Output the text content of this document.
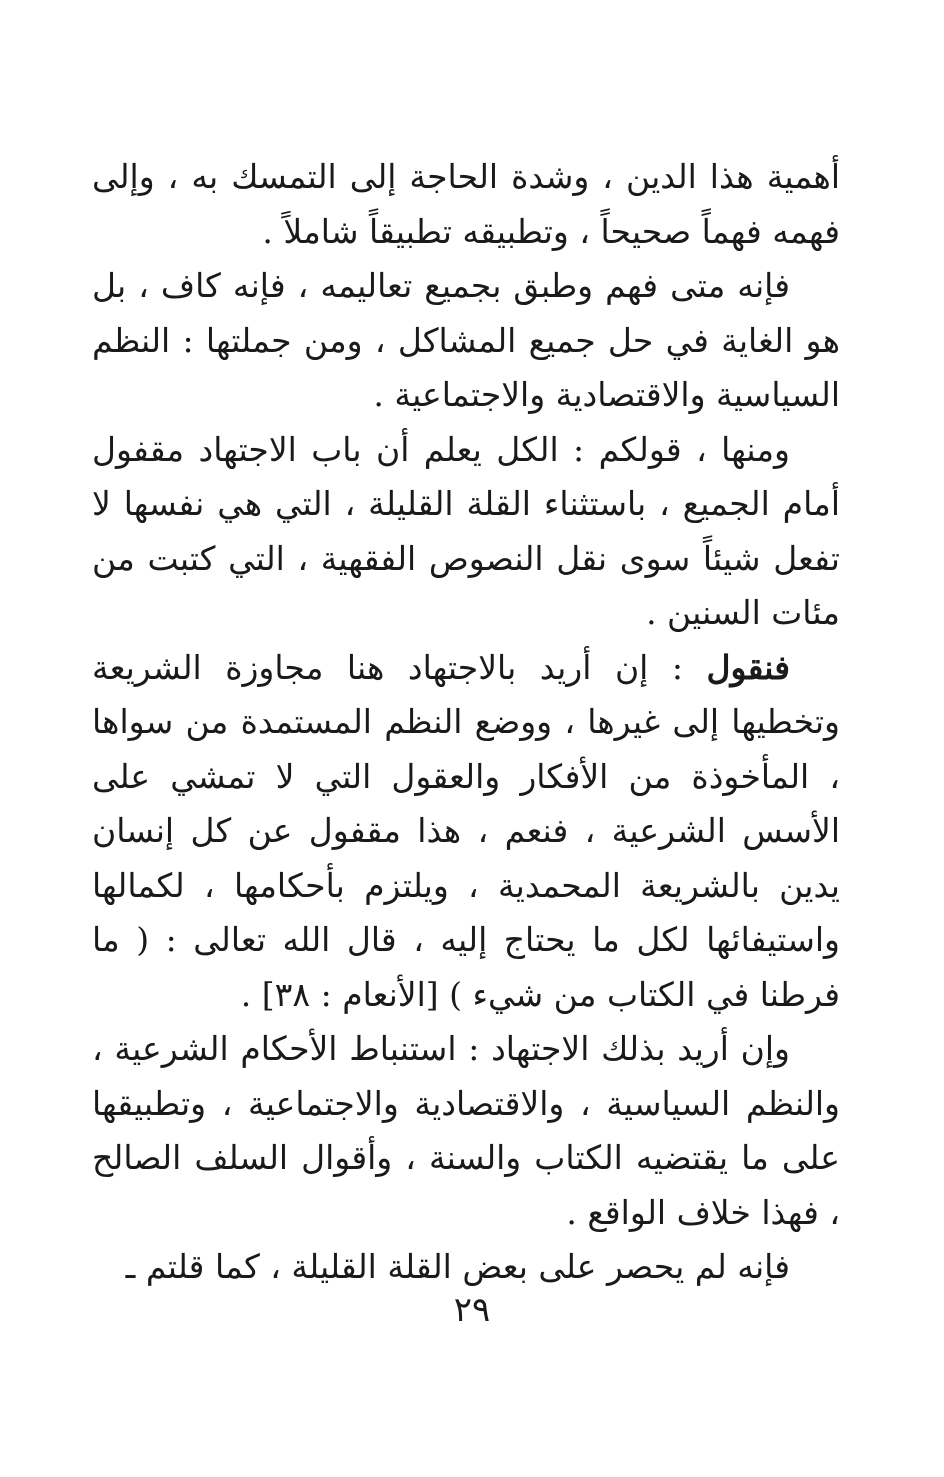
أهمية هذا الدين ، وشدة الحاجة إلى التمسك به ، وإلى فهمه فهماً صحيحاً ، وتطبيقه تطبيقاً شاملاً .

فإنه متى فهم وطبق بجميع تعاليمه ، فإنه كاف ، بل هو الغاية في حل جميع المشاكل ، ومن جملتها : النظم السياسية والاقتصادية والاجتماعية .

ومنها ، قولكم : الكل يعلم أن باب الاجتهاد مقفول أمام الجميع ، باستثناء القلة القليلة ، التي هي نفسها لا تفعل شيئاً سوى نقل النصوص الفقهية ، التي كتبت من مئات السنين .

فنقول : إن أريد بالاجتهاد هنا مجاوزة الشريعة وتخطيها إلى غيرها ، ووضع النظم المستمدة من سواها ، المأخوذة من الأفكار والعقول التي لا تمشي على الأسس الشرعية ، فنعم ، هذا مقفول عن كل إنسان يدين بالشريعة المحمدية ، ويلتزم بأحكامها ، لكمالها واستيفائها لكل ما يحتاج إليه ، قال الله تعالى : ( ما فرطنا في الكتاب من شيء ) [الأنعام : ٣٨] .

وإن أريد بذلك الاجتهاد : استنباط الأحكام الشرعية ، والنظم السياسية ، والاقتصادية والاجتماعية ، وتطبيقها على ما يقتضيه الكتاب والسنة ، وأقوال السلف الصالح ، فهذا خلاف الواقع .

فإنه لم يحصر على بعض القلة القليلة ، كما قلتم ـ

٢٩
